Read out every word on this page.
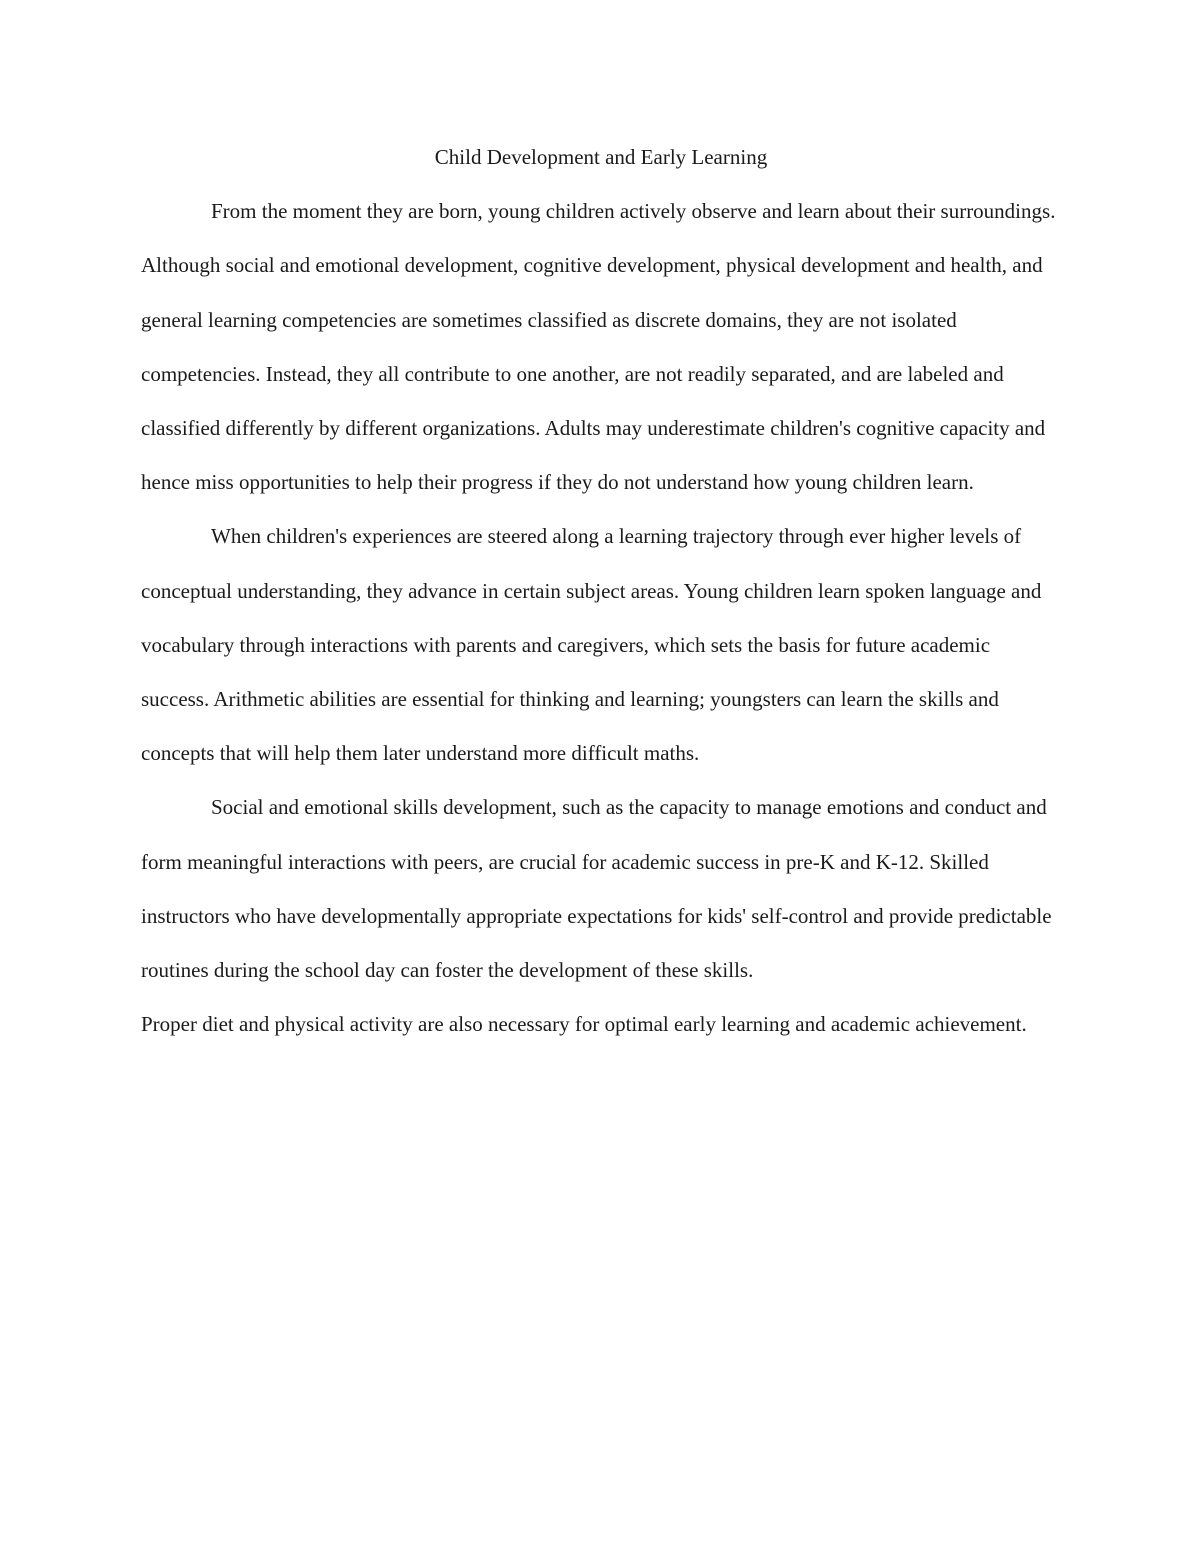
Child Development and Early Learning

From the moment they are born, young children actively observe and learn about their surroundings. Although social and emotional development, cognitive development, physical development and health, and general learning competencies are sometimes classified as discrete domains, they are not isolated competencies. Instead, they all contribute to one another, are not readily separated, and are labeled and classified differently by different organizations. Adults may underestimate children's cognitive capacity and hence miss opportunities to help their progress if they do not understand how young children learn.

When children's experiences are steered along a learning trajectory through ever higher levels of conceptual understanding, they advance in certain subject areas. Young children learn spoken language and vocabulary through interactions with parents and caregivers, which sets the basis for future academic success. Arithmetic abilities are essential for thinking and learning; youngsters can learn the skills and concepts that will help them later understand more difficult maths.

Social and emotional skills development, such as the capacity to manage emotions and conduct and form meaningful interactions with peers, are crucial for academic success in pre-K and K-12. Skilled instructors who have developmentally appropriate expectations for kids' self-control and provide predictable routines during the school day can foster the development of these skills.

Proper diet and physical activity are also necessary for optimal early learning and academic achievement.
